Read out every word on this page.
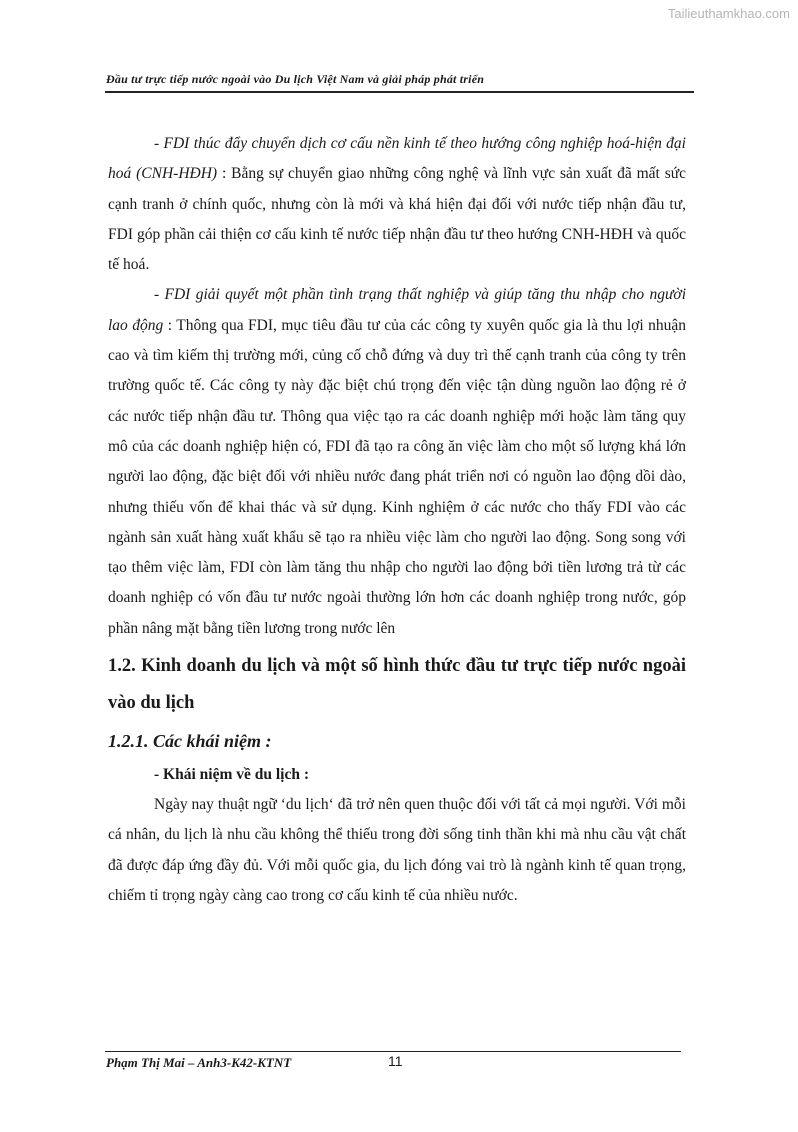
Tailieuthamkhao.com
Đầu tư trực tiếp nước ngoài vào Du lịch Việt Nam và giải pháp phát triển

- FDI thúc đẩy chuyển dịch cơ cấu nền kinh tế theo hướng công nghiệp hoá-hiện đại hoá (CNH-HĐH) : Bằng sự chuyển giao những công nghệ và lĩnh vực sản xuất đã mất sức cạnh tranh ở chính quốc, nhưng còn là mới và khá hiện đại đối với nước tiếp nhận đầu tư, FDI góp phần cải thiện cơ cấu kinh tế nước tiếp nhận đầu tư theo hướng CNH-HĐH và quốc tế hoá.

- FDI giải quyết một phần tình trạng thất nghiệp và giúp tăng thu nhập cho người lao động : Thông qua FDI, mục tiêu đầu tư của các công ty xuyên quốc gia là thu lợi nhuận cao và tìm kiếm thị trường mới, củng cố chỗ đứng và duy trì thế cạnh tranh của công ty trên trường quốc tế. Các công ty này đặc biệt chú trọng đến việc tận dùng nguồn lao động rẻ ở các nước tiếp nhận đầu tư. Thông qua việc tạo ra các doanh nghiệp mới hoặc làm tăng quy mô của các doanh nghiệp hiện có, FDI đã tạo ra công ăn việc làm cho một số lượng khá lớn người lao động, đặc biệt đối với nhiều nước đang phát triển nơi có nguồn lao động dồi dào, nhưng thiếu vốn để khai thác và sử dụng. Kinh nghiệm ở các nước cho thấy FDI vào các ngành sản xuất hàng xuất khẩu sẽ tạo ra nhiều việc làm cho người lao động. Song song với tạo thêm việc làm, FDI còn làm tăng thu nhập cho người lao động bởi tiền lương trả từ các doanh nghiệp có vốn đầu tư nước ngoài thường lớn hơn các doanh nghiệp trong nước, góp phần nâng mặt bằng tiền lương trong nước lên

1.2. Kinh doanh du lịch và một số hình thức đầu tư trực tiếp nước ngoài vào du lịch
1.2.1. Các khái niệm :
- Khái niệm về du lịch :

Ngày nay thuật ngữ ‘du lịch‘ đã trở nên quen thuộc đối với tất cả mọi người. Với mỗi cá nhân, du lịch là nhu cầu không thể thiếu trong đời sống tinh thần khi mà nhu cầu vật chất đã được đáp ứng đầy đủ. Với mỗi quốc gia, du lịch đóng vai trò là ngành kinh tế quan trọng, chiếm tỉ trọng ngày càng cao trong cơ cấu kinh tế của nhiều nước.

Phạm Thị Mai – Anh3-K42-KTNT	11
